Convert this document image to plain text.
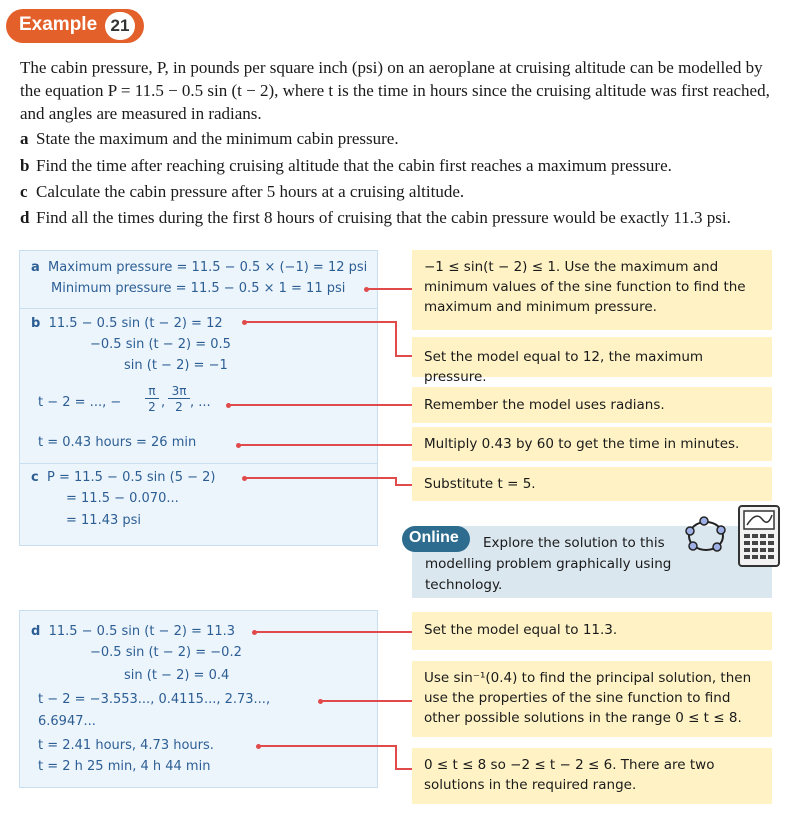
Example 21
The cabin pressure, P, in pounds per square inch (psi) on an aeroplane at cruising altitude can be modelled by the equation P = 11.5 − 0.5 sin (t − 2), where t is the time in hours since the cruising altitude was first reached, and angles are measured in radians.
a State the maximum and the minimum cabin pressure.
b Find the time after reaching cruising altitude that the cabin first reaches a maximum pressure.
c Calculate the cabin pressure after 5 hours at a cruising altitude.
d Find all the times during the first 8 hours of cruising that the cabin pressure would be exactly 11.3 psi.
a Maximum pressure = 11.5 − 0.5 × (−1) = 12 psi
Minimum pressure = 11.5 − 0.5 × 1 = 11 psi
b 11.5 − 0.5 sin (t − 2) = 12
−0.5 sin (t − 2) = 0.5
sin (t − 2) = −1
t − 2 = ..., −
π
2 ,
3π
2 , ...
t = 0.43 hours = 26 min
c P = 11.5 − 0.5 sin (5 − 2)
= 11.5 − 0.070...
= 11.43 psi
d 11.5 − 0.5 sin (t − 2) = 11.3
−0.5 sin (t − 2) = −0.2
sin (t − 2) = 0.4
t − 2 = −3.553..., 0.4115..., 2.73...,
6.6947...
t = 2.41 hours, 4.73 hours.
t = 2 h 25 min, 4 h 44 min
−1 ≤ sin(t − 2) ≤ 1. Use the maximum and minimum values of the sine function to find the maximum and minimum pressure.
Set the model equal to 12, the maximum pressure.
Remember the model uses radians.
Multiply 0.43 by 60 to get the time in minutes.
Substitute t = 5.
Set the model equal to 11.3.
Use sin⁻¹(0.4) to find the principal solution, then use the properties of the sine function to find other possible solutions in the range 0 ≤ t ≤ 8.
0 ≤ t ≤ 8 so −2 ≤ t − 2 ≤ 6. There are two solutions in the required range.
Online	Explore the solution to this modelling problem graphically using technology.
